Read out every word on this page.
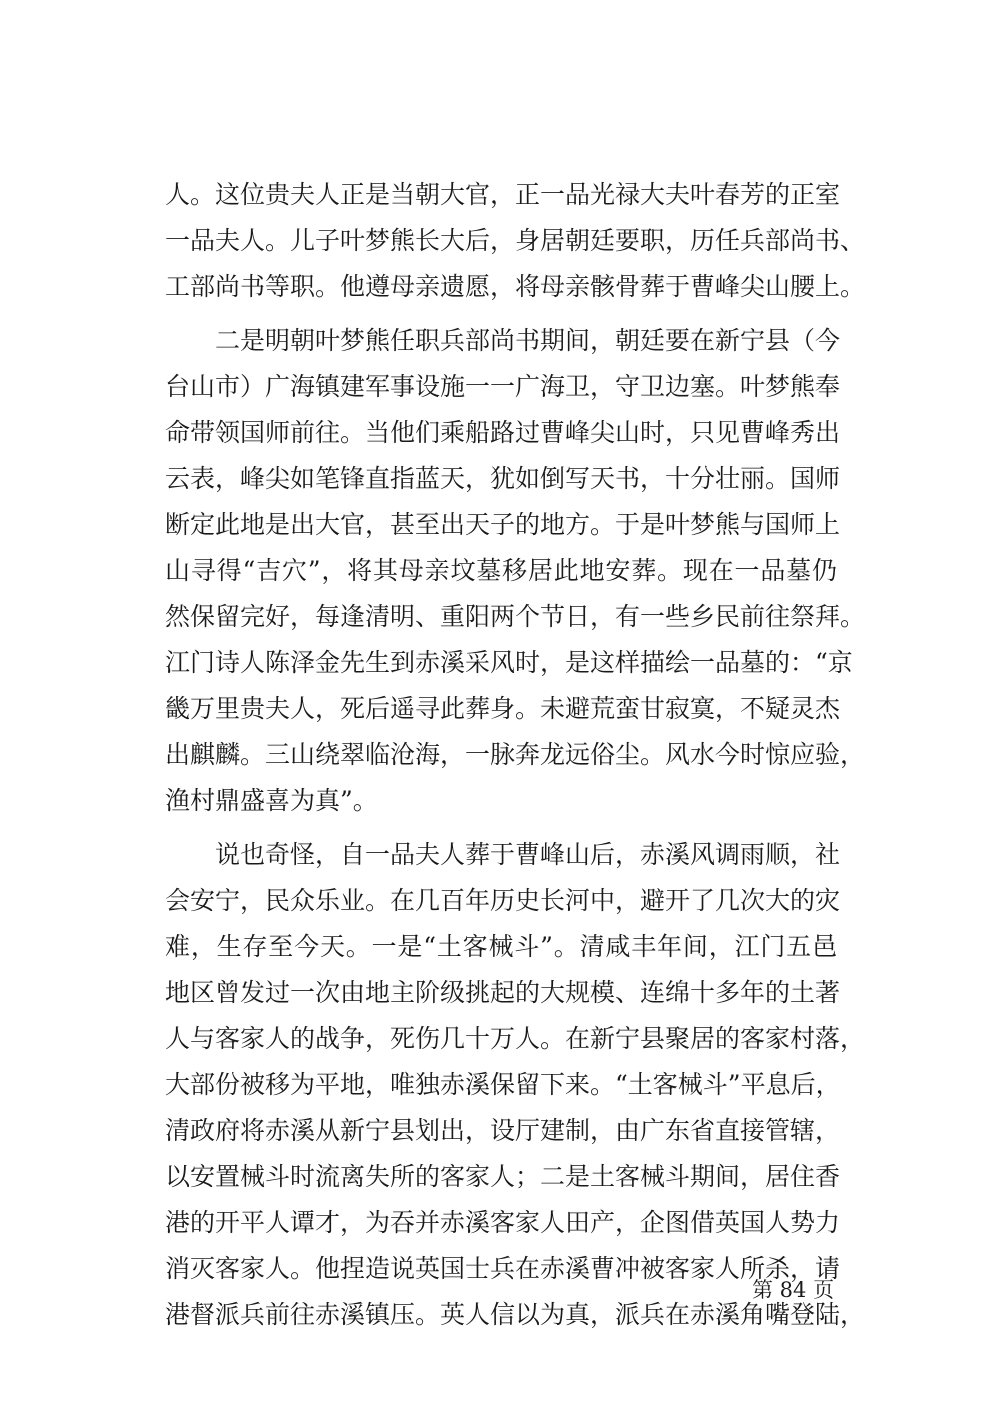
人。这位贵夫人正是当朝大官，正一品光禄大夫叶春芳的正室
一品夫人。儿子叶梦熊长大后，身居朝廷要职，历任兵部尚书、
工部尚书等职。他遵母亲遗愿，将母亲骸骨葬于曹峰尖山腰上。
二是明朝叶梦熊任职兵部尚书期间，朝廷要在新宁县（今
台山市）广海镇建军事设施一一广海卫，守卫边塞。叶梦熊奉
命带领国师前往。当他们乘船路过曹峰尖山时，只见曹峰秀出
云表，峰尖如笔锋直指蓝天，犹如倒写天书，十分壮丽。国师
断定此地是出大官，甚至出天子的地方。于是叶梦熊与国师上
山寻得“吉穴”，将其母亲坟墓移居此地安葬。现在一品墓仍
然保留完好，每逢清明、重阳两个节日，有一些乡民前往祭拜。
江门诗人陈泽金先生到赤溪采风时，是这样描绘一品墓的：“京
畿万里贵夫人，死后遥寻此葬身。未避荒蛮甘寂寞，不疑灵杰
出麒麟。三山绕翠临沧海，一脉奔龙远俗尘。风水今时惊应验，
渔村鼎盛喜为真”。
说也奇怪，自一品夫人葬于曹峰山后，赤溪风调雨顺，社
会安宁，民众乐业。在几百年历史长河中，避开了几次大的灾
难，生存至今天。一是“土客械斗”。清咸丰年间，江门五邑
地区曾发过一次由地主阶级挑起的大规模、连绵十多年的土著
人与客家人的战争，死伤几十万人。在新宁县聚居的客家村落，
大部份被移为平地，唯独赤溪保留下来。“土客械斗”平息后，
清政府将赤溪从新宁县划出，设厅建制，由广东省直接管辖，
以安置械斗时流离失所的客家人；二是土客械斗期间，居住香
港的开平人谭才，为吞并赤溪客家人田产，企图借英国人势力
消灭客家人。他捏造说英国士兵在赤溪曹冲被客家人所杀，请
港督派兵前往赤溪镇压。英人信以为真，派兵在赤溪角嘴登陆，
第 84 页
